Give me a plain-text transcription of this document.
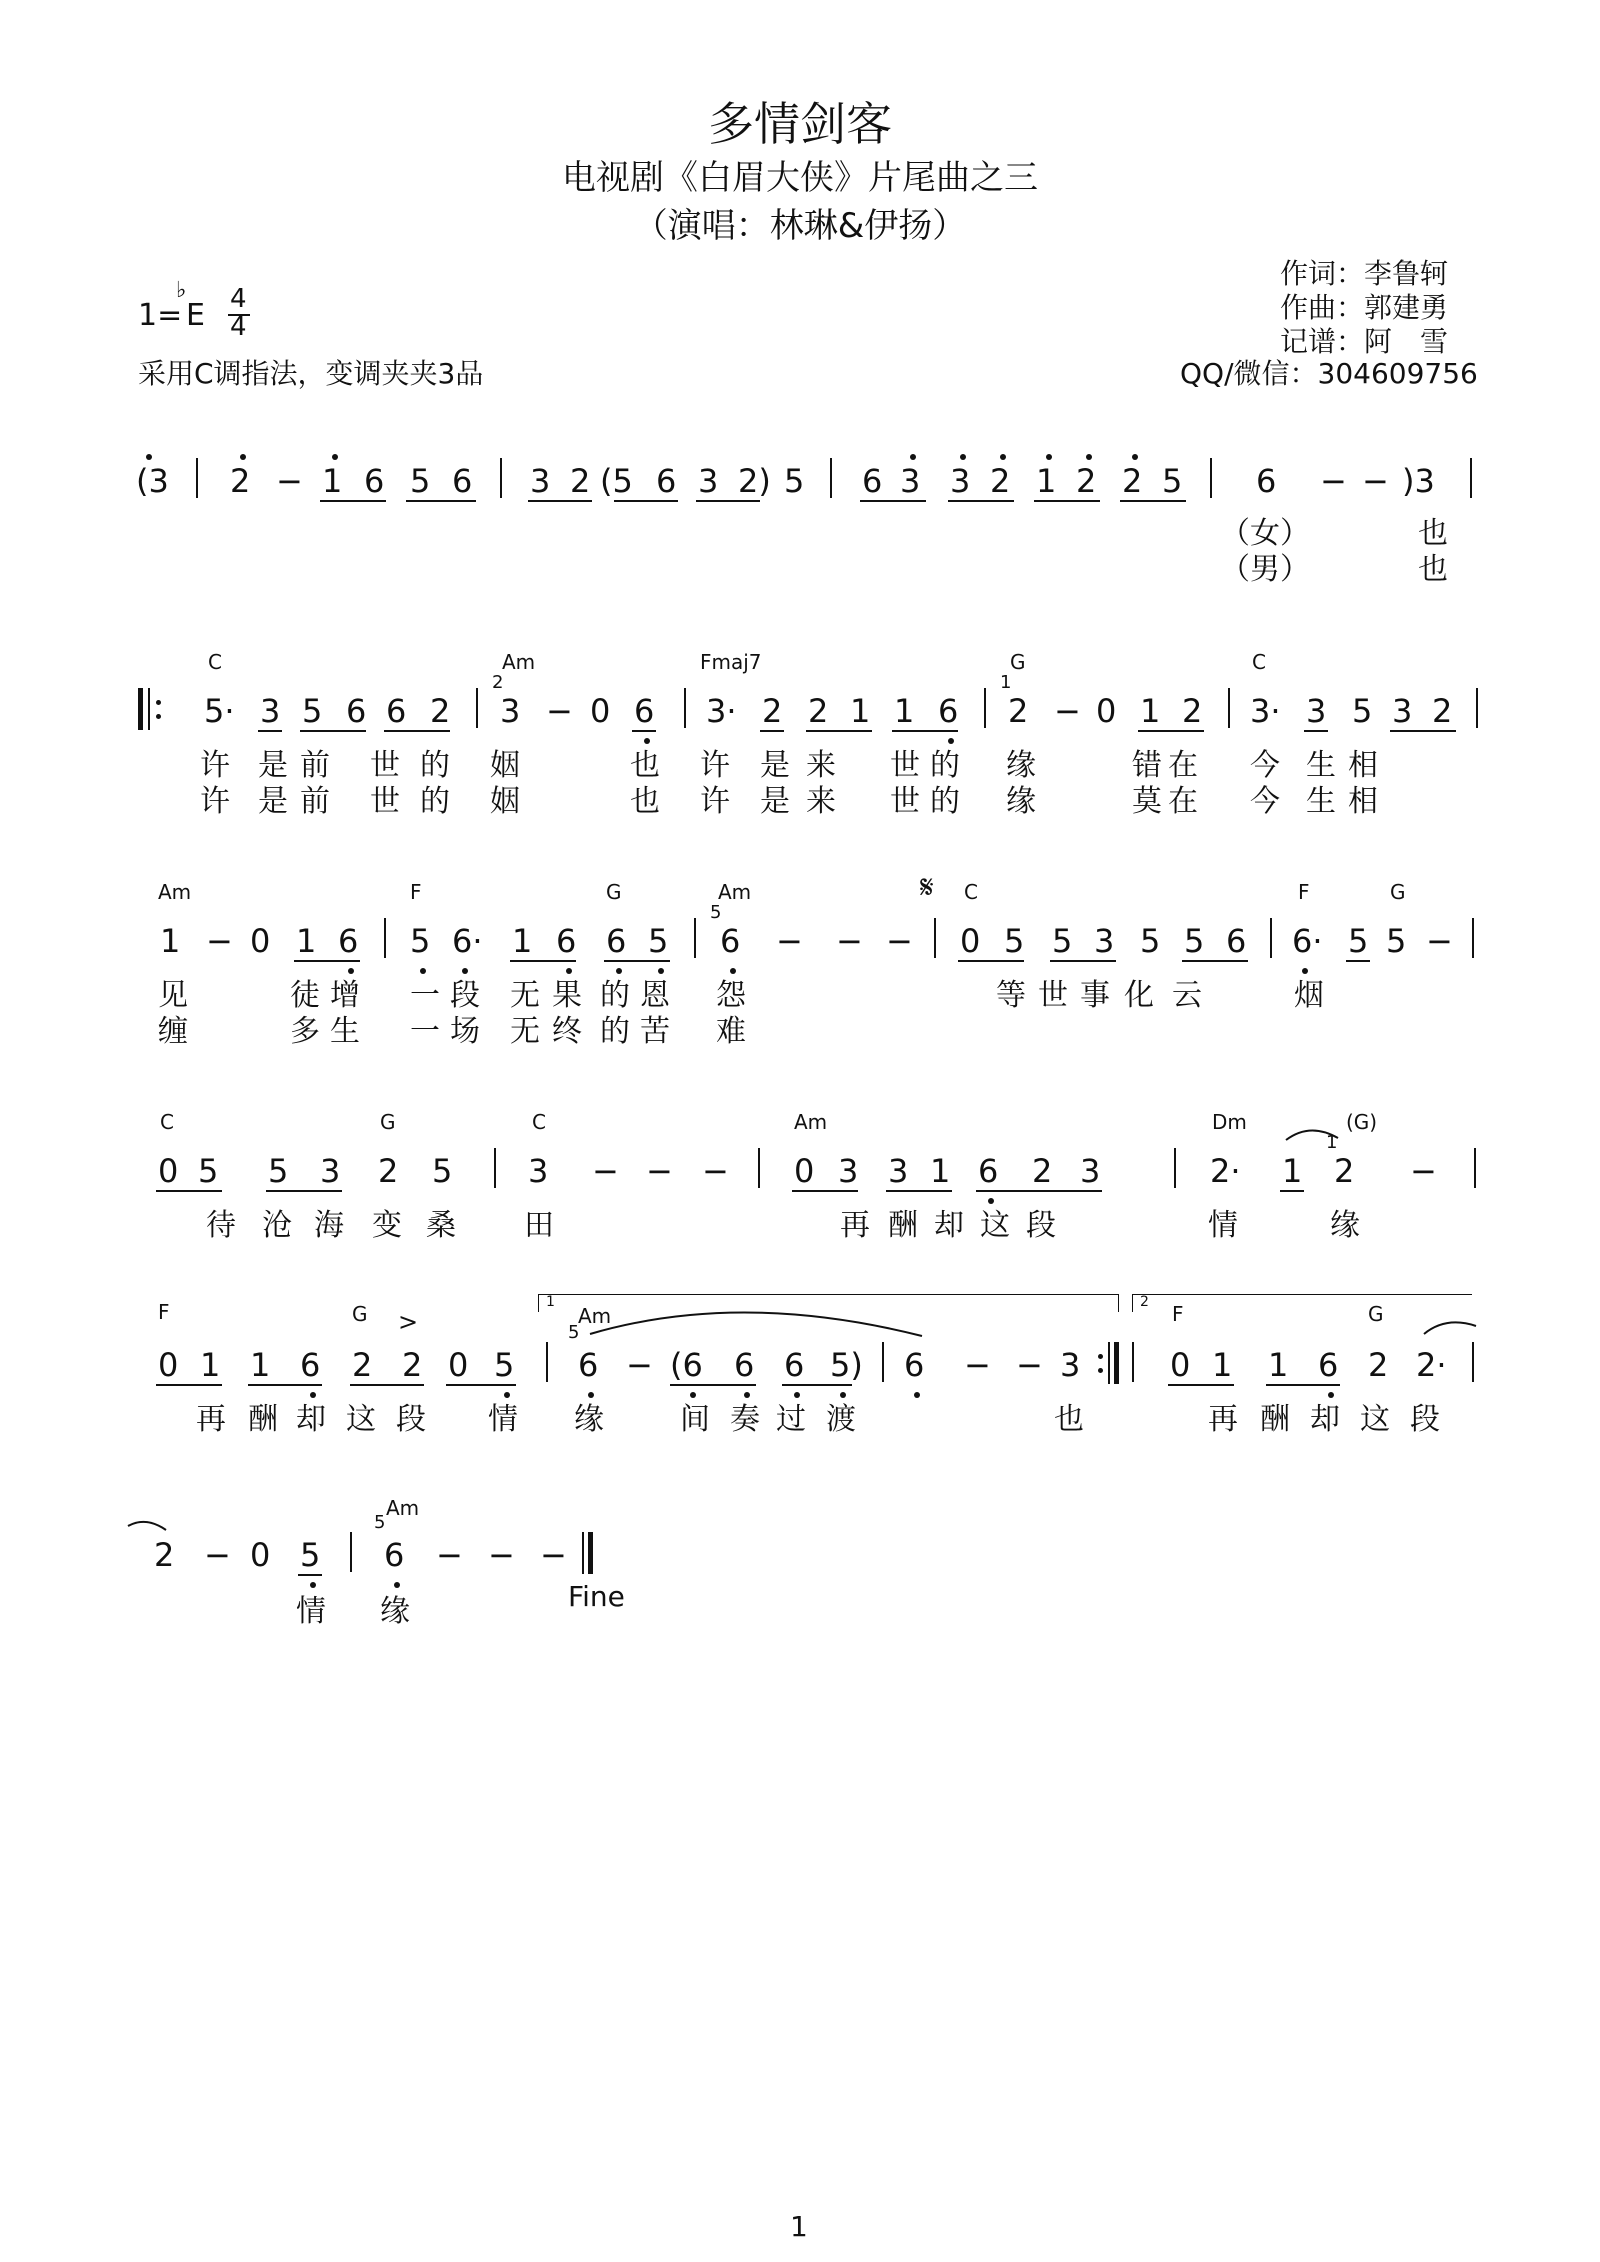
多情剑客
电视剧《白眉大侠》片尾曲之三
（演唱：林琳&伊扬）
作词：李鲁轲
作曲：郭建勇
记谱：阿　雪
QQ/微信：304609756
1=
♭
E 4
4
采用C调指法，变调夹夹3品
(3 2 − 1 6 5 6 3 2 (5 6 3 2) 5 6 3 3 2 1 2 2 5 6 − − )3
（女）	也
（男）	也
C	Am	Fmaj7	G	C
5· 3 5 6 6 2
2
3 − 0 6 3· 2 2 1 1 6
1
2 − 0 1 2 3· 3 5 3 2
许 是 前 世 的 姻	也 许 是 来 世 的 缘	错 在 今 生 相
许 是 前 世 的 姻	也 许 是 来 世 的 缘	莫 在 今 生 相
Am	F	G	Am	𝄋 C	F	G
1 − 0 1 6 5 6· 1 6 6 5
5
6 − − − 0 5 5 3 5 5 6 6· 5 5 −
见	徒 增 一 段 无 果 的 恩 怨	等 世 事 化 云	烟
缠	多 生 一 场 无 终 的 苦 难
C	G	C	Am	Dm	(G)
0 5 5 3 2 5 3 − − − 0 3 3 1 6 2 3	2· 1
1
2 −
待 沧 海 变 桑 田	再 酬 却 这 段	情	缘
F	G >	Am	F	G
1	2
0 1 1 6 2 2 0 5
5
6 − (6 6 6 5) 6 − − 3	0 1 1 6 2 2·
再 酬 却 这 段 情 缘	间 奏 过 渡	也	再 酬 却 这 段
Am
2 − 0 5
5
6 − − −
情 缘	Fine
1
